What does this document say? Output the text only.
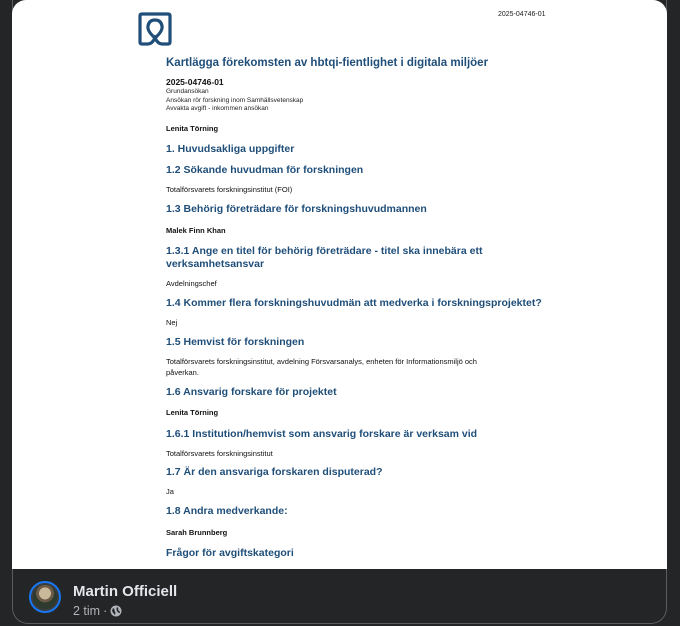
2025-04746-01
Kartlägga förekomsten av hbtqi-fientlighet i digitala miljöer
2025-04746-01
Grundansökan
Ansökan rör forskning inom Samhällsvetenskap
Avvakta avgift - inkommen ansökan
Lenita Törning
1. Huvudsakliga uppgifter
1.2 Sökande huvudman för forskningen
Totalförsvarets forskningsinstitut (FOI)
1.3 Behörig företrädare för forskningshuvudmannen
Malek Finn Khan
1.3.1 Ange en titel för behörig företrädare - titel ska innebära ett
verksamhetsansvar
Avdelningschef
1.4 Kommer flera forskningshuvudmän att medverka i forskningsprojektet?
Nej
1.5 Hemvist för forskningen
Totalförsvarets forskningsinstitut, avdelning Försvarsanalys, enheten för Informationsmiljö och
påverkan.
1.6 Ansvarig forskare för projektet
Lenita Törning
1.6.1 Institution/hemvist som ansvarig forskare är verksam vid
Totalförsvarets forskningsinstitut
1.7 Är den ansvariga forskaren disputerad?
Ja
1.8 Andra medverkande:
Sarah Brunnberg
Frågor för avgiftskategori
Martin Officiell
2 tim ·
